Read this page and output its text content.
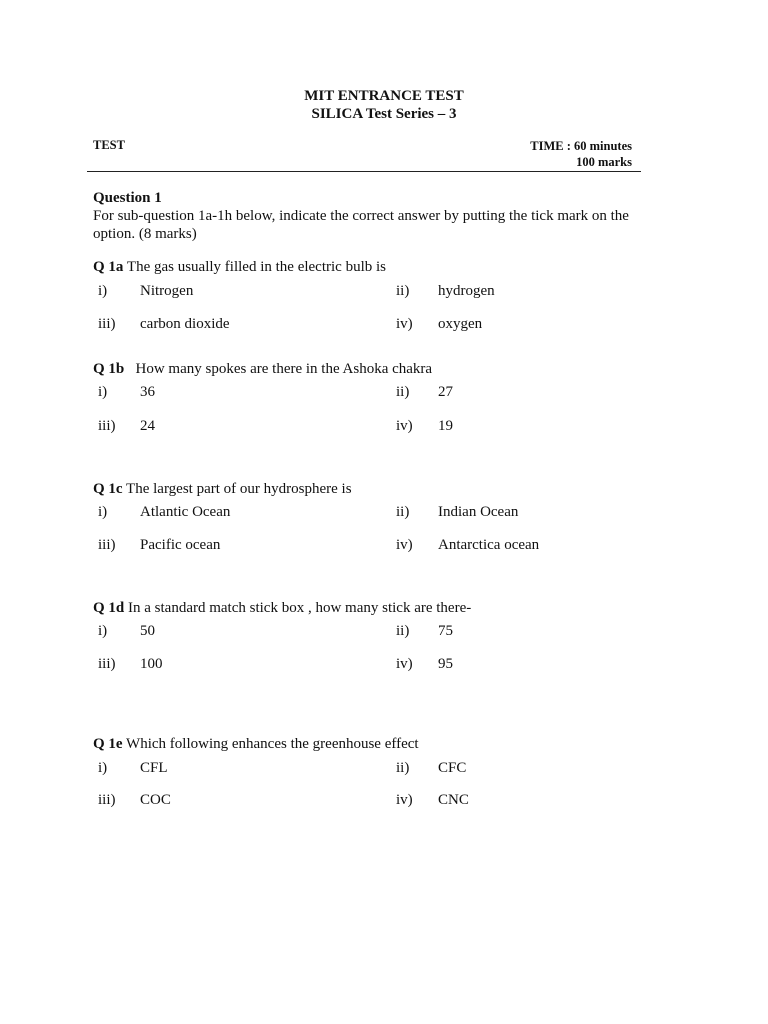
MIT ENTRANCE TEST
SILICA Test Series – 3
TEST	TIME : 60 minutes
100 marks
Question 1
For sub-question 1a-1h below, indicate the correct answer by putting the tick mark on the option. (8 marks)
Q 1a The gas usually filled in the electric bulb is
i) Nitrogen	ii) hydrogen
iii) carbon dioxide	iv) oxygen
Q 1b   How many spokes are there in the Ashoka chakra
i) 36	ii) 27
iii) 24	iv) 19
Q 1c The largest part of our hydrosphere is
i) Atlantic Ocean	ii) Indian Ocean
iii) Pacific ocean	iv) Antarctica ocean
Q 1d In a standard match stick box , how many stick are there-
i) 50	ii) 75
iii) 100	iv) 95
Q 1e Which following enhances the greenhouse effect
i) CFL	ii) CFC
iii) COC	iv) CNC
